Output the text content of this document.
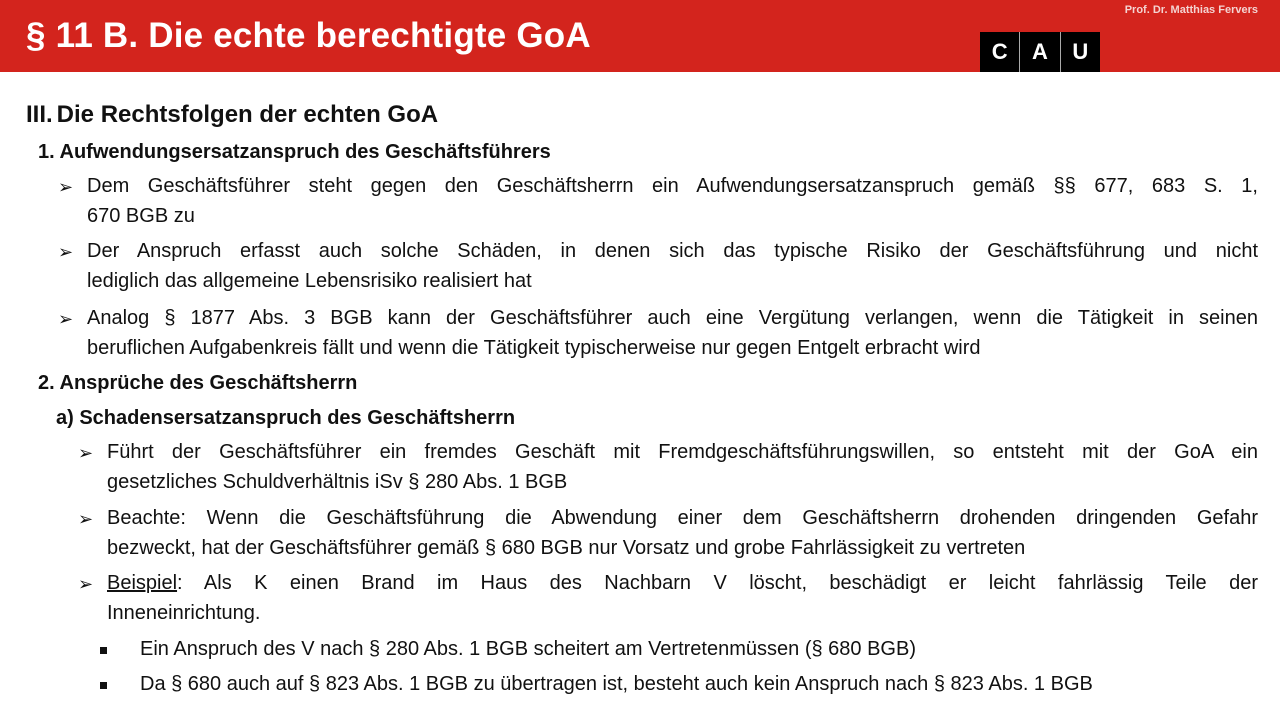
§ 11 B. Die echte berechtigte GoA
Prof. Dr. Matthias Fervers
C	A	U
III. Die Rechtsfolgen der echten GoA
1. Aufwendungsersatzanspruch des Geschäftsführers
➢ Dem Geschäftsführer steht gegen den Geschäftsherrn ein Aufwendungsersatzanspruch gemäß §§ 677, 683 S. 1,
670 BGB zu
➢ Der Anspruch erfasst auch solche Schäden, in denen sich das typische Risiko der Geschäftsführung und nicht
lediglich das allgemeine Lebensrisiko realisiert hat
➢ Analog § 1877 Abs. 3 BGB kann der Geschäftsführer auch eine Vergütung verlangen, wenn die Tätigkeit in seinen
beruflichen Aufgabenkreis fällt und wenn die Tätigkeit typischerweise nur gegen Entgelt erbracht wird
2. Ansprüche des Geschäftsherrn
a) Schadensersatzanspruch des Geschäftsherrn
➢ Führt der Geschäftsführer ein fremdes Geschäft mit Fremdgeschäftsführungswillen, so entsteht mit der GoA ein
gesetzliches Schuldverhältnis iSv § 280 Abs. 1 BGB
➢ Beachte: Wenn die Geschäftsführung die Abwendung einer dem Geschäftsherrn drohenden dringenden Gefahr
bezweckt, hat der Geschäftsführer gemäß § 680 BGB nur Vorsatz und grobe Fahrlässigkeit zu vertreten
➢ Beispiel : Als K einen Brand im Haus des Nachbarn V löscht, beschädigt er leicht fahrlässig Teile der
Inneneinrichtung.
Ein Anspruch des V nach § 280 Abs. 1 BGB scheitert am Vertretenmüssen (§ 680 BGB)
Da § 680 auch auf § 823 Abs. 1 BGB zu übertragen ist, besteht auch kein Anspruch nach § 823 Abs. 1 BGB
